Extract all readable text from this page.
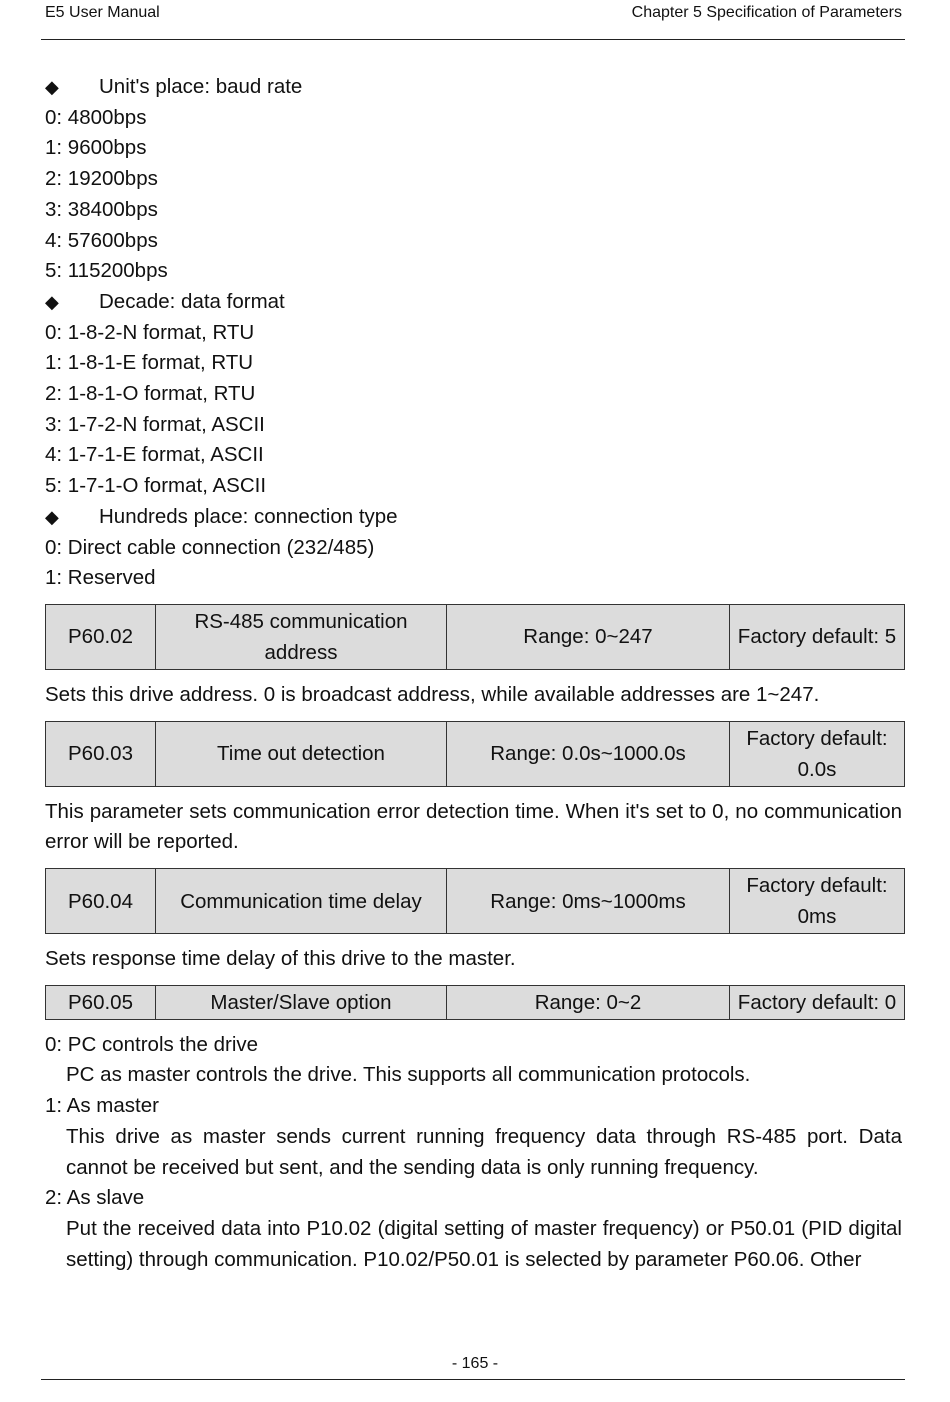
E5 User Manual	Chapter 5 Specification of Parameters
◆ Unit's place: baud rate
0: 4800bps
1: 9600bps
2: 19200bps
3: 38400bps
4: 57600bps
5: 115200bps
◆ Decade: data format
0: 1-8-2-N format, RTU
1: 1-8-1-E format, RTU
2: 1-8-1-O format, RTU
3: 1-7-2-N format, ASCII
4: 1-7-1-E format, ASCII
5: 1-7-1-O format, ASCII
◆ Hundreds place: connection type
0: Direct cable connection (232/485)
1: Reserved
P60.02	RS-485 communication address	Range: 0~247	Factory default: 5

Sets this drive address. 0 is broadcast address, while available addresses are 1~247.

P60.03	Time out detection	Range: 0.0s~1000.0s	Factory default: 0.0s

This parameter sets communication error detection time. When it's set to 0, no communication error will be reported.

P60.04	Communication time delay	Range: 0ms~1000ms	Factory default: 0ms

Sets response time delay of this drive to the master.

P60.05	Master/Slave option	Range: 0~2	Factory default: 0
0: PC controls the drive
PC as master controls the drive. This supports all communication protocols.
1: As master
This drive as master sends current running frequency data through RS-485 port. Data cannot be received but sent, and the sending data is only running frequency.
2: As slave
Put the received data into P10.02 (digital setting of master frequency) or P50.01 (PID digital setting) through communication. P10.02/P50.01 is selected by parameter P60.06. Other
- 165 -
